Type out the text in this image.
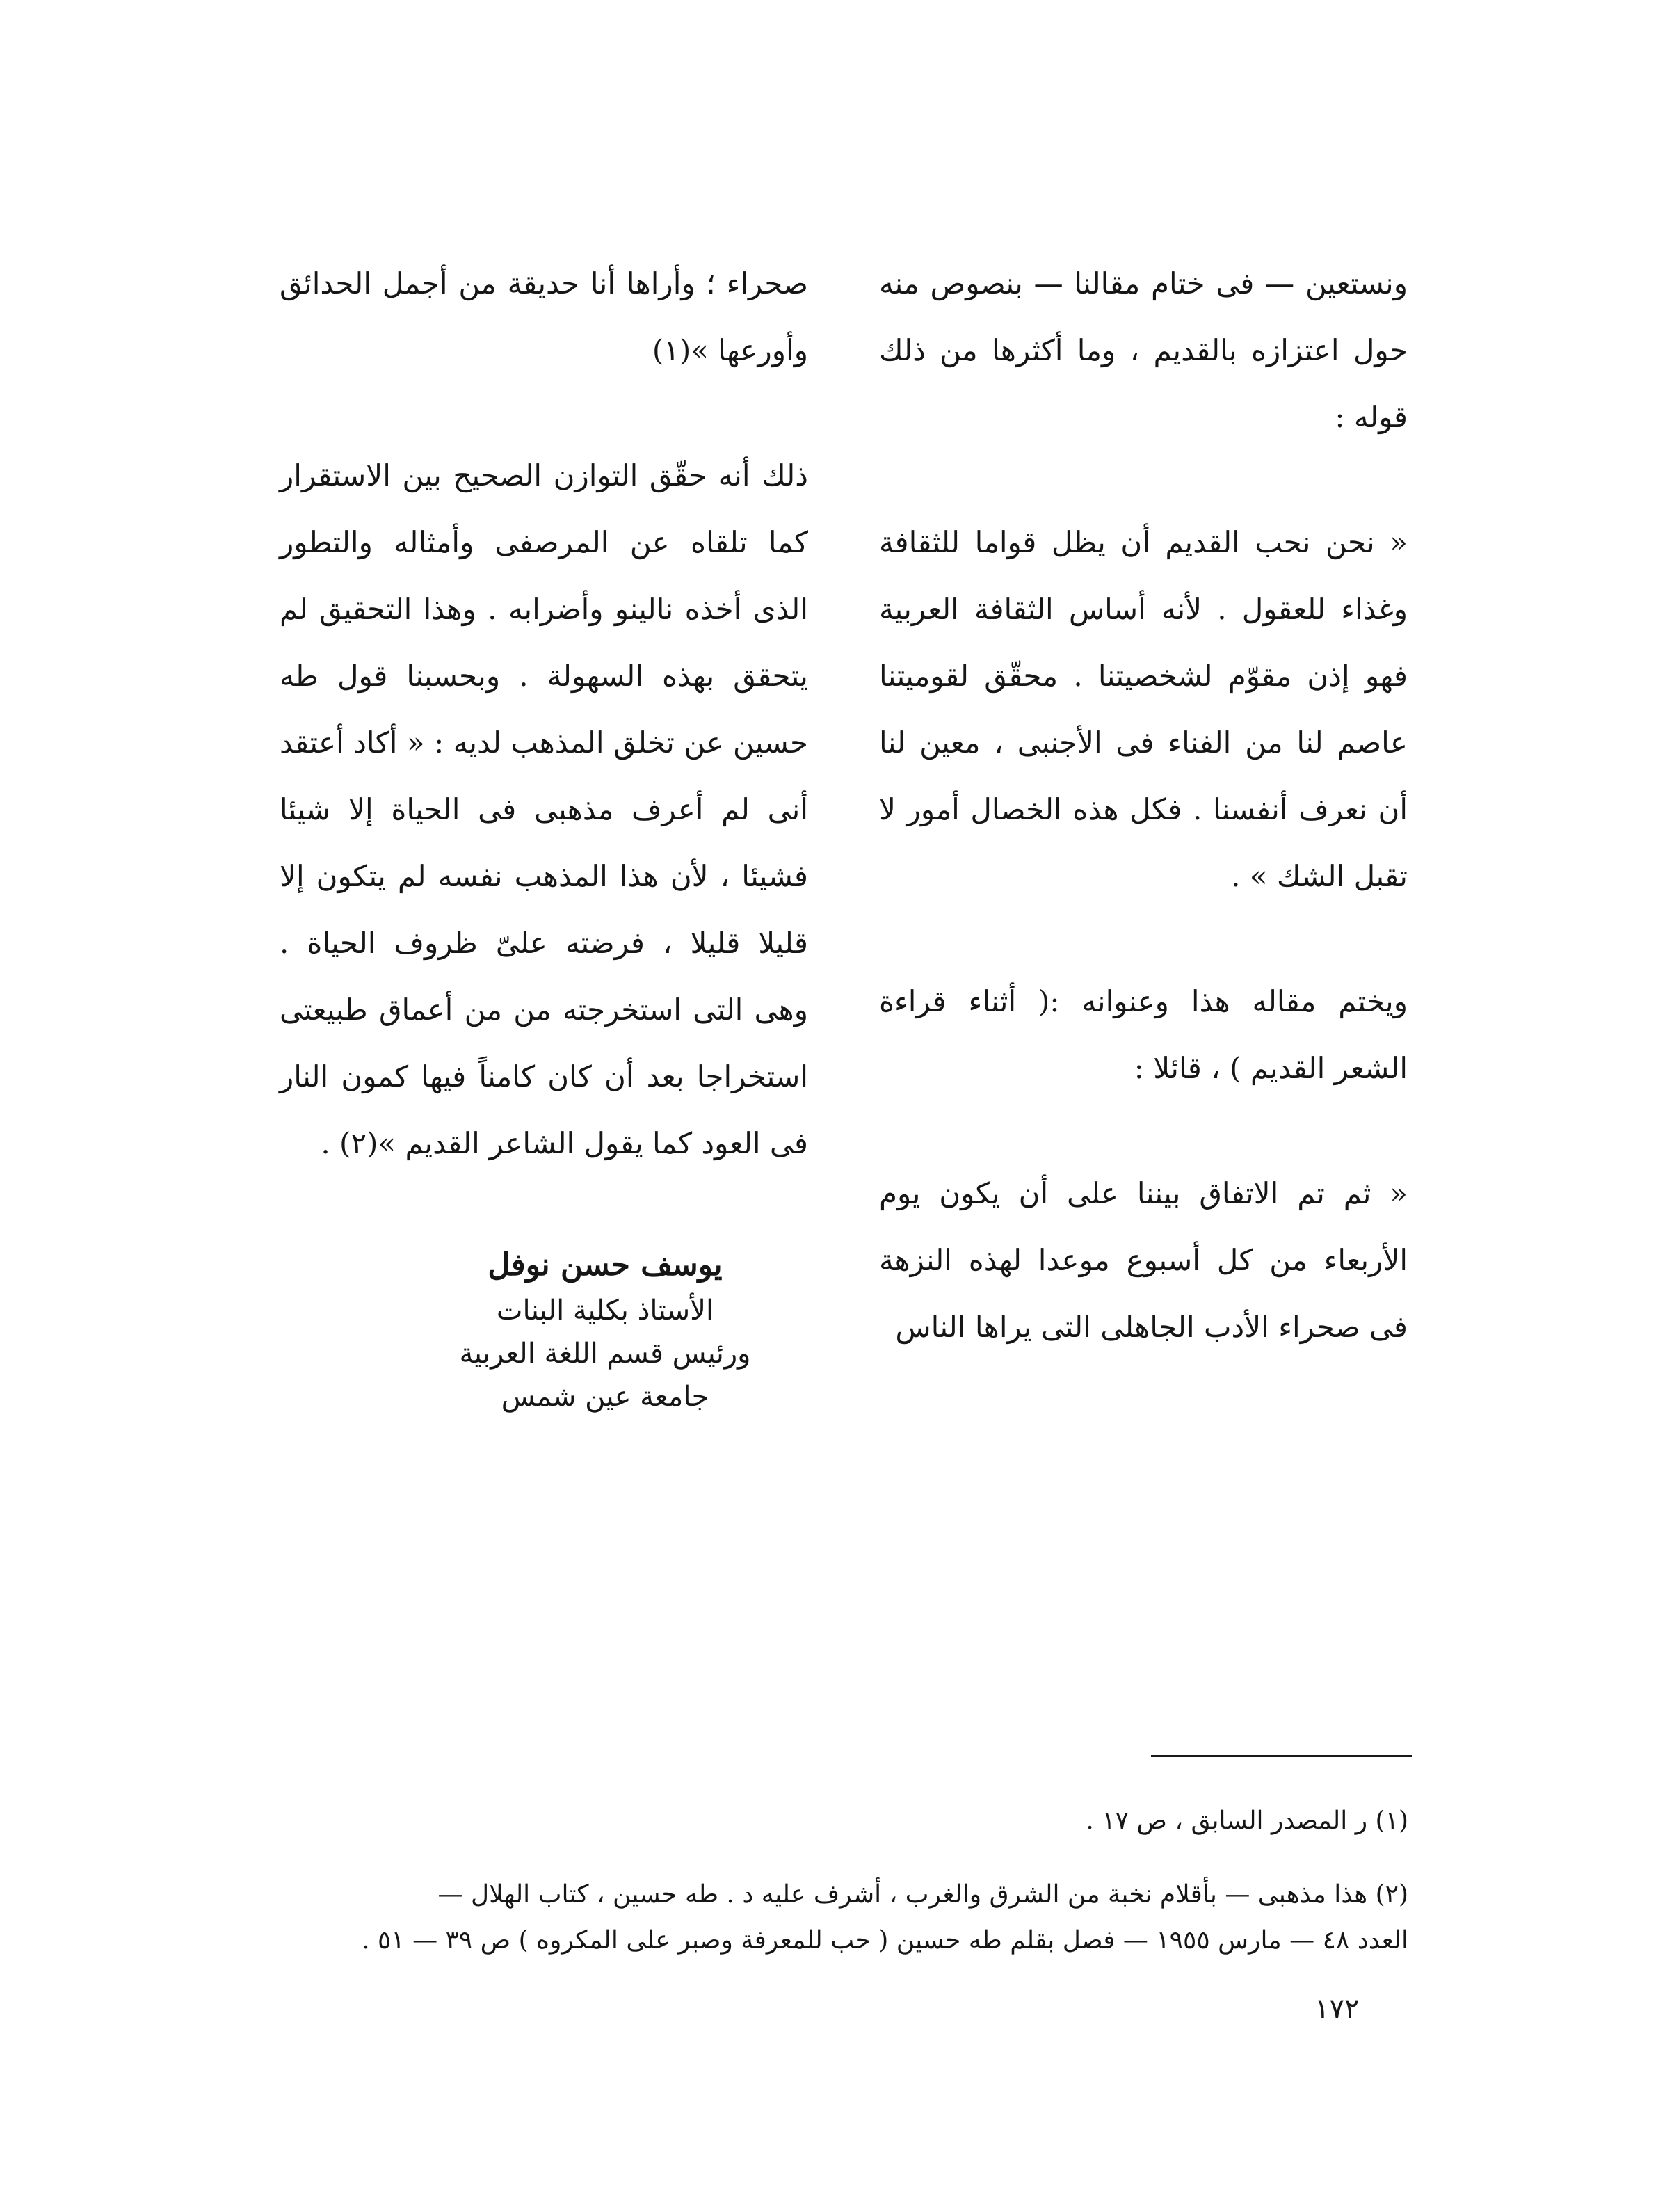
ونستعين — فى ختام مقالنا — بنصوص منه حول اعتزازه بالقديم ، وما أكثرها من ذلك قوله :

« نحن نحب القديم أن يظل قواما للثقافة وغذاء للعقول . لأنه أساس الثقافة العربية فهو إذن مقوّم لشخصيتنا . محقّق لقوميتنا عاصم لنا من الفناء فى الأجنبى ، معين لنا أن نعرف أنفسنا . فكل هذه الخصال أمور لا تقبل الشك » .

ويختم مقاله هذا وعنوانه :( أثناء قراءة الشعر القديم ) ، قائلا :

« ثم تم الاتفاق بيننا على أن يكون يوم الأربعاء من كل أسبوع موعدا لهذه النزهة فى صحراء الأدب الجاهلى التى يراها الناس

صحراء ؛ وأراها أنا حديقة من أجمل الحدائق وأورعها »(١)

ذلك أنه حقّق التوازن الصحيح بين الاستقرار كما تلقاه عن المرصفى وأمثاله والتطور الذى أخذه نالينو وأضرابه . وهذا التحقيق لم يتحقق بهذه السهولة . وبحسبنا قول طه حسين عن تخلق المذهب لديه : « أكاد أعتقد أنى لم أعرف مذهبى فى الحياة إلا شيئا فشيئا ، لأن هذا المذهب نفسه لم يتكون إلا قليلا قليلا ، فرضته علىّ ظروف الحياة . وهى التى استخرجته من من أعماق طبيعتى استخراجا بعد أن كان كامناً فيها كمون النار فى العود كما يقول الشاعر القديم »(٢) .

يوسف حسن نوفل
الأستاذ بكلية البنات
ورئيس قسم اللغة العربية
جامعة عين شمس

(١) ر المصدر السابق ، ص ١٧ .

(٢) هذا مذهبى — بأقلام نخبة من الشرق والغرب ، أشرف عليه د . طه حسين ، كتاب الهلال —

العدد ٤٨ — مارس ١٩٥٥ — فصل بقلم طه حسين ( حب للمعرفة وصبر على المكروه ) ص ٣٩ — ٥١ .

١٧٢
